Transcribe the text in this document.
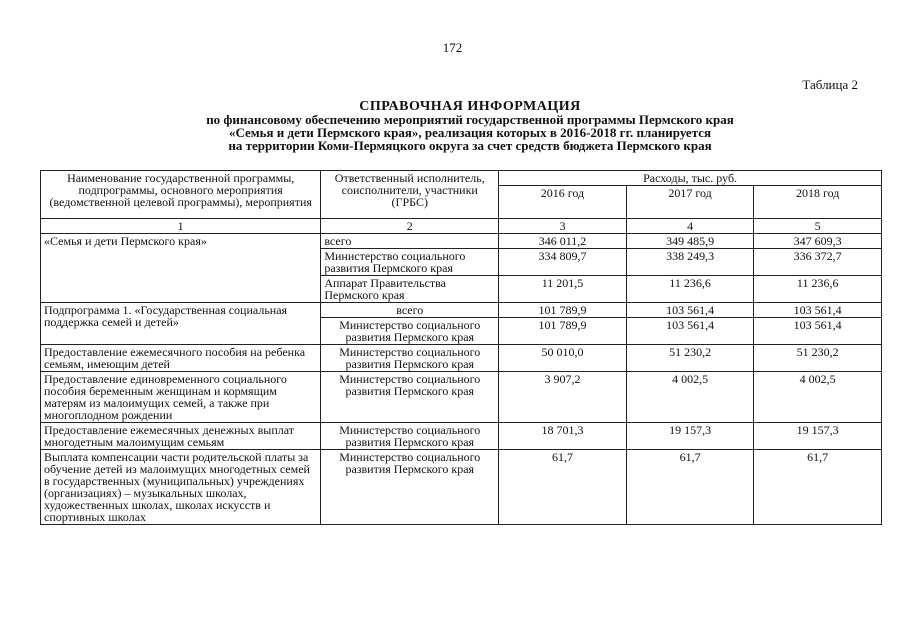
172
Таблица 2
СПРАВОЧНАЯ ИНФОРМАЦИЯ
по финансовому обеспечению мероприятий государственной программы Пермского края
«Семья и дети Пермского края», реализация которых в 2016-2018 гг. планируется
на территории Коми-Пермяцкого округа за счет средств бюджета Пермского края
Наименование государственной программы, подпрограммы, основного мероприятия (ведомственной целевой программы), мероприятия	Ответственный исполнитель, соисполнители, участники (ГРБС)	Расходы, тыс. руб.		
		2016 год	2017 год	2018 год
1	2	3	4	5
«Семья и дети Пермского края»	всего	346 011,2	349 485,9	347 609,3
	Министерство социального развития Пермского края	334 809,7	338 249,3	336 372,7
	Аппарат Правительства Пермского края	11 201,5	11 236,6	11 236,6
Подпрограмма 1. «Государственная социальная поддержка семей и детей»	всего	101 789,9	103 561,4	103 561,4
	Министерство социального развития Пермского края	101 789,9	103 561,4	103 561,4
Предоставление ежемесячного пособия на ребенка семьям, имеющим детей	Министерство социального развития Пермского края	50 010,0	51 230,2	51 230,2
Предоставление единовременного социального пособия беременным женщинам и кормящим матерям из малоимущих семей, а также при многоплодном рождении	Министерство социального развития Пермского края	3 907,2	4 002,5	4 002,5
Предоставление ежемесячных денежных выплат многодетным малоимущим семьям	Министерство социального развития Пермского края	18 701,3	19 157,3	19 157,3
Выплата компенсации части родительской платы за обучение детей из малоимущих многодетных семей в государственных (муниципальных) учреждениях (организациях) – музыкальных школах, художественных школах, школах искусств и спортивных школах	Министерство социального развития Пермского края	61,7	61,7	61,7
